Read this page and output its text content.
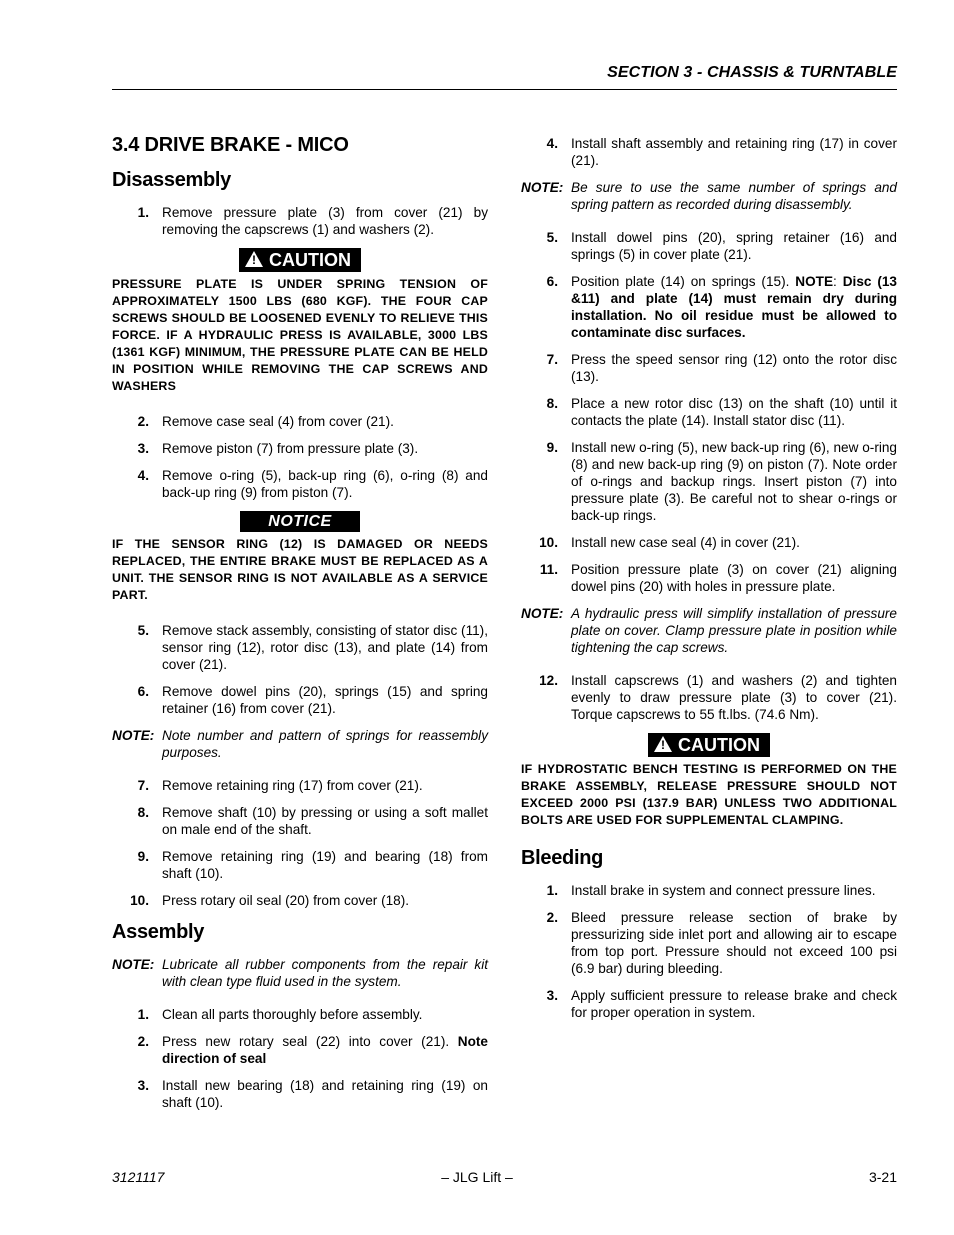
SECTION 3 - CHASSIS & TURNTABLE
3.4 DRIVE BRAKE - MICO
Disassembly
1. Remove pressure plate (3) from cover (21) by removing the capscrews (1) and washers (2).
!CAUTION
PRESSURE PLATE IS UNDER SPRING TENSION OF APPROXIMATELY 1500 LBS (680 KGF). THE FOUR CAP SCREWS SHOULD BE LOOSENED EVENLY TO RELIEVE THIS FORCE. IF A HYDRAULIC PRESS IS AVAILABLE, 3000 LBS (1361 KGF) MINIMUM, THE PRESSURE PLATE CAN BE HELD IN POSITION WHILE REMOVING THE CAP SCREWS AND WASHERS
2. Remove case seal (4) from cover (21).
3. Remove piston (7) from pressure plate (3).
4. Remove o-ring (5), back-up ring (6), o-ring (8) and back-up ring (9) from piston (7).
NOTICE
IF THE SENSOR RING (12) IS DAMAGED OR NEEDS REPLACED, THE ENTIRE BRAKE MUST BE REPLACED AS A UNIT. THE SENSOR RING IS NOT AVAILABLE AS A SERVICE PART.
5. Remove stack assembly, consisting of stator disc (11), sensor ring (12), rotor disc (13), and plate (14) from cover (21).
6. Remove dowel pins (20), springs (15) and spring retainer (16) from cover (21).
NOTE: Note number and pattern of springs for reassembly purposes.
7. Remove retaining ring (17) from cover (21).
8. Remove shaft (10) by pressing or using a soft mallet on male end of the shaft.
9. Remove retaining ring (19) and bearing (18) from shaft (10).
10. Press rotary oil seal (20) from cover (18).
Assembly
NOTE: Lubricate all rubber components from the repair kit with clean type fluid used in the system.
1. Clean all parts thoroughly before assembly.
2. Press new rotary seal (22) into cover (21). Note direction of seal
3. Install new bearing (18) and retaining ring (19) on shaft (10).
4. Install shaft assembly and retaining ring (17) in cover (21).
NOTE: Be sure to use the same number of springs and spring pattern as recorded during disassembly.
5. Install dowel pins (20), spring retainer (16) and springs (5) in cover plate (21).
6. Position plate (14) on springs (15). NOTE: Disc (13 &11) and plate (14) must remain dry during installation. No oil residue must be allowed to contaminate disc surfaces.
7. Press the speed sensor ring (12) onto the rotor disc (13).
8. Place a new rotor disc (13) on the shaft (10) until it contacts the plate (14). Install stator disc (11).
9. Install new o-ring (5), new back-up ring (6), new o-ring (8) and new back-up ring (9) on piston (7). Note order of o-rings and backup rings. Insert piston (7) into pressure plate (3). Be careful not to shear o-rings or back-up rings.
10. Install new case seal (4) in cover (21).
11. Position pressure plate (3) on cover (21) aligning dowel pins (20) with holes in pressure plate.
NOTE: A hydraulic press will simplify installation of pressure plate on cover. Clamp pressure plate in position while tightening the cap screws.
12. Install capscrews (1) and washers (2) and tighten evenly to draw pressure plate (3) to cover (21). Torque capscrews to 55 ft.lbs. (74.6 Nm).
!CAUTION
IF HYDROSTATIC BENCH TESTING IS PERFORMED ON THE BRAKE ASSEMBLY, RELEASE PRESSURE SHOULD NOT EXCEED 2000 PSI (137.9 BAR) UNLESS TWO ADDITIONAL BOLTS ARE USED FOR SUPPLEMENTAL CLAMPING.
Bleeding
1. Install brake in system and connect pressure lines.
2. Bleed pressure release section of brake by pressurizing side inlet port and allowing air to escape from top port. Pressure should not exceed 100 psi (6.9 bar) during bleeding.
3. Apply sufficient pressure to release brake and check for proper operation in system.
3121117	– JLG Lift –	3-21
